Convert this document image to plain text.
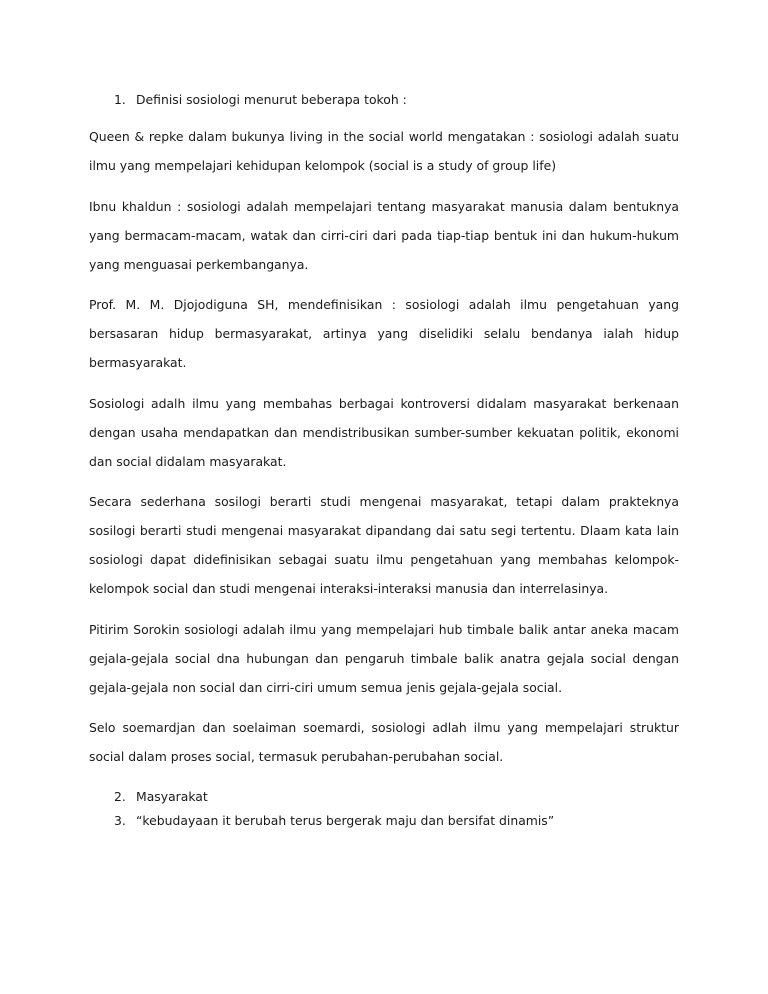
1. Definisi sosiologi menurut beberapa tokoh :

Queen & repke dalam bukunya living in the social world mengatakan : sosiologi adalah suatu ilmu yang mempelajari kehidupan kelompok (social is a study of group life)

Ibnu khaldun : sosiologi adalah mempelajari tentang masyarakat manusia dalam bentuknya yang bermacam-macam, watak dan cirri-ciri dari pada tiap-tiap bentuk ini dan hukum-hukum yang menguasai perkembanganya.

Prof. M. M. Djojodiguna SH, mendefinisikan : sosiologi adalah ilmu pengetahuan yang bersasaran hidup bermasyarakat, artinya yang diselidiki selalu bendanya ialah hidup bermasyarakat.

Sosiologi adalh ilmu yang membahas berbagai kontroversi didalam masyarakat berkenaan dengan usaha mendapatkan dan mendistribusikan sumber-sumber kekuatan politik, ekonomi dan social didalam masyarakat.

Secara sederhana sosilogi berarti studi mengenai masyarakat, tetapi dalam prakteknya sosilogi berarti studi mengenai masyarakat dipandang dai satu segi tertentu. Dlaam kata lain sosiologi dapat didefinisikan sebagai suatu ilmu pengetahuan yang membahas kelompok-kelompok social dan studi mengenai interaksi-interaksi manusia dan interrelasinya.

Pitirim Sorokin sosiologi adalah ilmu yang mempelajari hub timbale balik antar aneka macam gejala-gejala social dna hubungan dan pengaruh timbale balik anatra gejala social dengan gejala-gejala non social dan cirri-ciri umum semua jenis gejala-gejala social.

Selo soemardjan dan soelaiman soemardi, sosiologi adlah ilmu yang mempelajari struktur social dalam proses social, termasuk perubahan-perubahan social.

2. Masyarakat
3. “kebudayaan it berubah terus bergerak maju dan bersifat dinamis”
